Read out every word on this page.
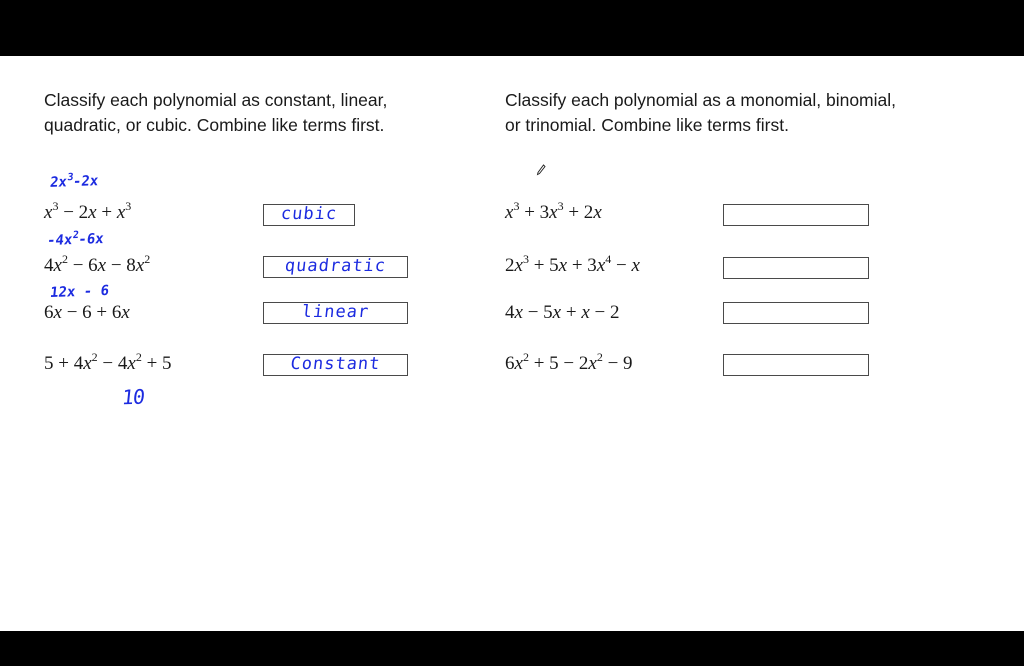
Classify each polynomial as constant, linear,
quadratic, or cubic. Combine like terms first.
Classify each polynomial as a monomial, binomial,
or trinomial. Combine like terms first.
$2x^3-2x$
$-4x^2-6x$
12x - 6
10
$x^3 - 2x + x^3$
$4x^2 - 6x - 8x^2$
6x − 6 + 6x
$5 + 4x^2 - 4x^2 + 5$
cubic
quadratic
linear
Constant
$x^3 + 3x^3 + 2x$
$2x^3 + 5x + 3x^4 - x$
4x − 5x + x − 2
$6x^2 + 5 - 2x^2 - 9$
